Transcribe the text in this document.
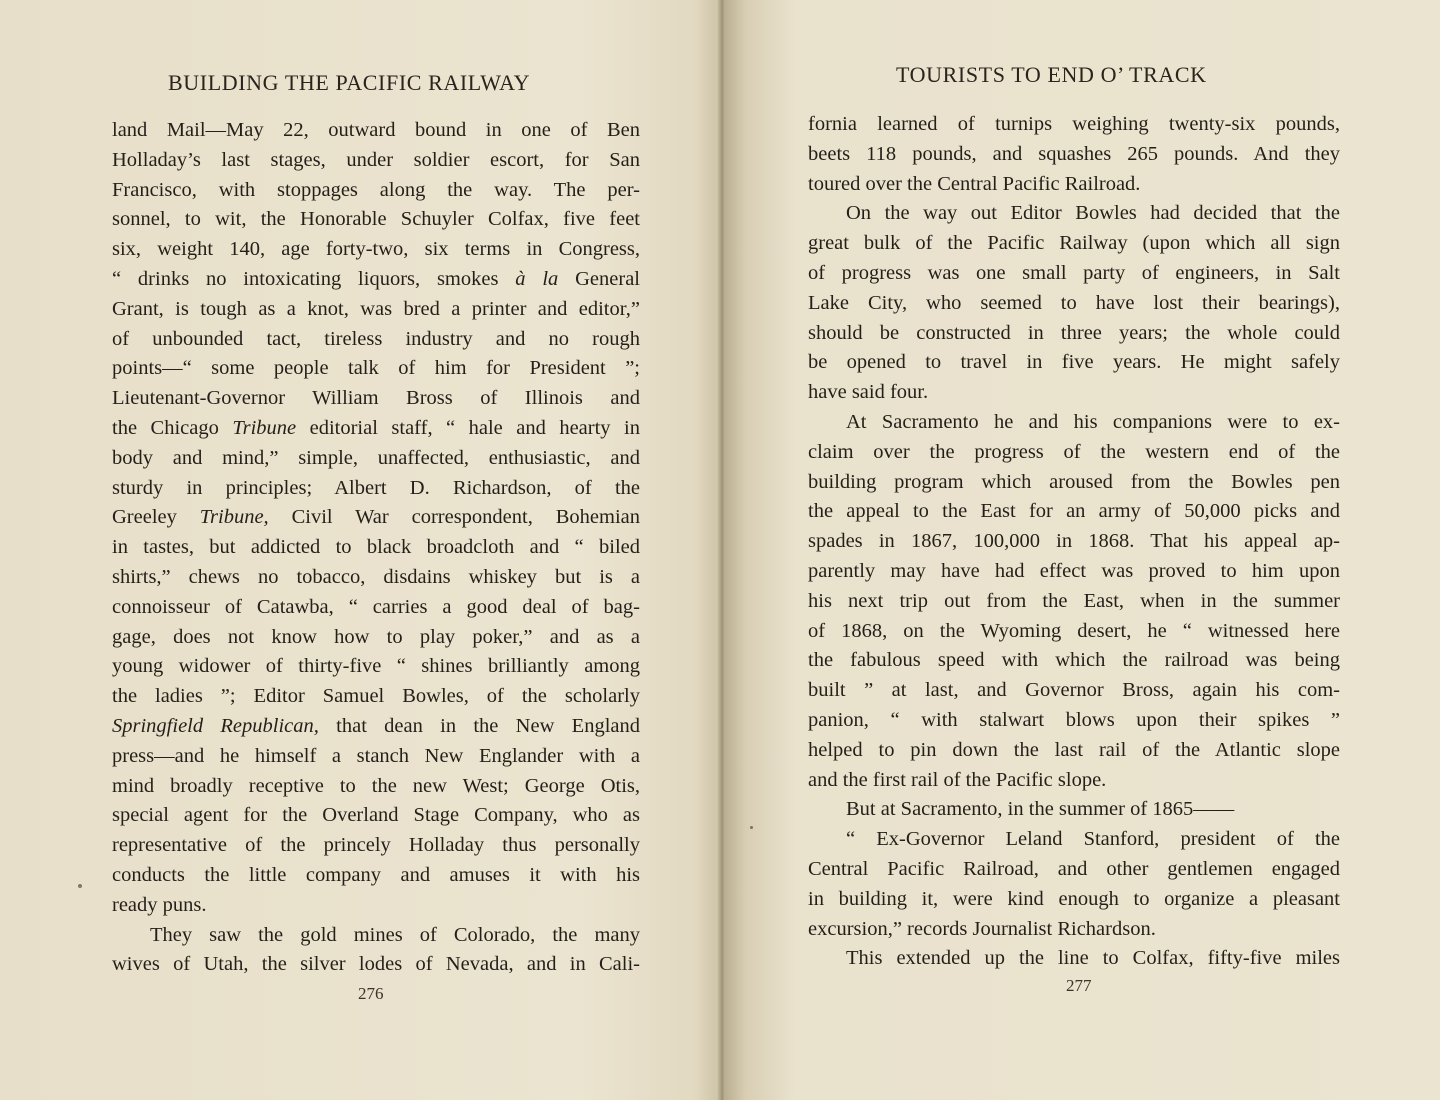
BUILDING THE PACIFIC RAILWAY
land Mail—May 22, outward bound in one of Ben
Holladay’s last stages, under soldier escort, for San
Francisco, with stoppages along the way. The per-
sonnel, to wit, the Honorable Schuyler Colfax, five feet
six, weight 140, age forty-two, six terms in Congress,
“ drinks no intoxicating liquors, smokes à la General
Grant, is tough as a knot, was bred a printer and editor,”
of unbounded tact, tireless industry and no rough
points—“ some people talk of him for President ”;
Lieutenant-Governor William Bross of Illinois and
the Chicago Tribune editorial staff, “ hale and hearty in
body and mind,” simple, unaffected, enthusiastic, and
sturdy in principles; Albert D. Richardson, of the
Greeley Tribune, Civil War correspondent, Bohemian
in tastes, but addicted to black broadcloth and “ biled
shirts,” chews no tobacco, disdains whiskey but is a
connoisseur of Catawba, “ carries a good deal of bag-
gage, does not know how to play poker,” and as a
young widower of thirty-five “ shines brilliantly among
the ladies ”; Editor Samuel Bowles, of the scholarly
Springfield Republican, that dean in the New England
press—and he himself a stanch New Englander with a
mind broadly receptive to the new West; George Otis,
special agent for the Overland Stage Company, who as
representative of the princely Holladay thus personally
conducts the little company and amuses it with his
ready puns.
They saw the gold mines of Colorado, the many
wives of Utah, the silver lodes of Nevada, and in Cali-
276
TOURISTS TO END O’ TRACK
fornia learned of turnips weighing twenty-six pounds,
beets 118 pounds, and squashes 265 pounds. And they
toured over the Central Pacific Railroad.
On the way out Editor Bowles had decided that the
great bulk of the Pacific Railway (upon which all sign
of progress was one small party of engineers, in Salt
Lake City, who seemed to have lost their bearings),
should be constructed in three years; the whole could
be opened to travel in five years. He might safely
have said four.
At Sacramento he and his companions were to ex-
claim over the progress of the western end of the
building program which aroused from the Bowles pen
the appeal to the East for an army of 50,000 picks and
spades in 1867, 100,000 in 1868. That his appeal ap-
parently may have had effect was proved to him upon
his next trip out from the East, when in the summer
of 1868, on the Wyoming desert, he “ witnessed here
the fabulous speed with which the railroad was being
built ” at last, and Governor Bross, again his com-
panion, “ with stalwart blows upon their spikes ”
helped to pin down the last rail of the Atlantic slope
and the first rail of the Pacific slope.
But at Sacramento, in the summer of 1865——
“ Ex-Governor Leland Stanford, president of the
Central Pacific Railroad, and other gentlemen engaged
in building it, were kind enough to organize a pleasant
excursion,” records Journalist Richardson.
This extended up the line to Colfax, fifty-five miles
277
